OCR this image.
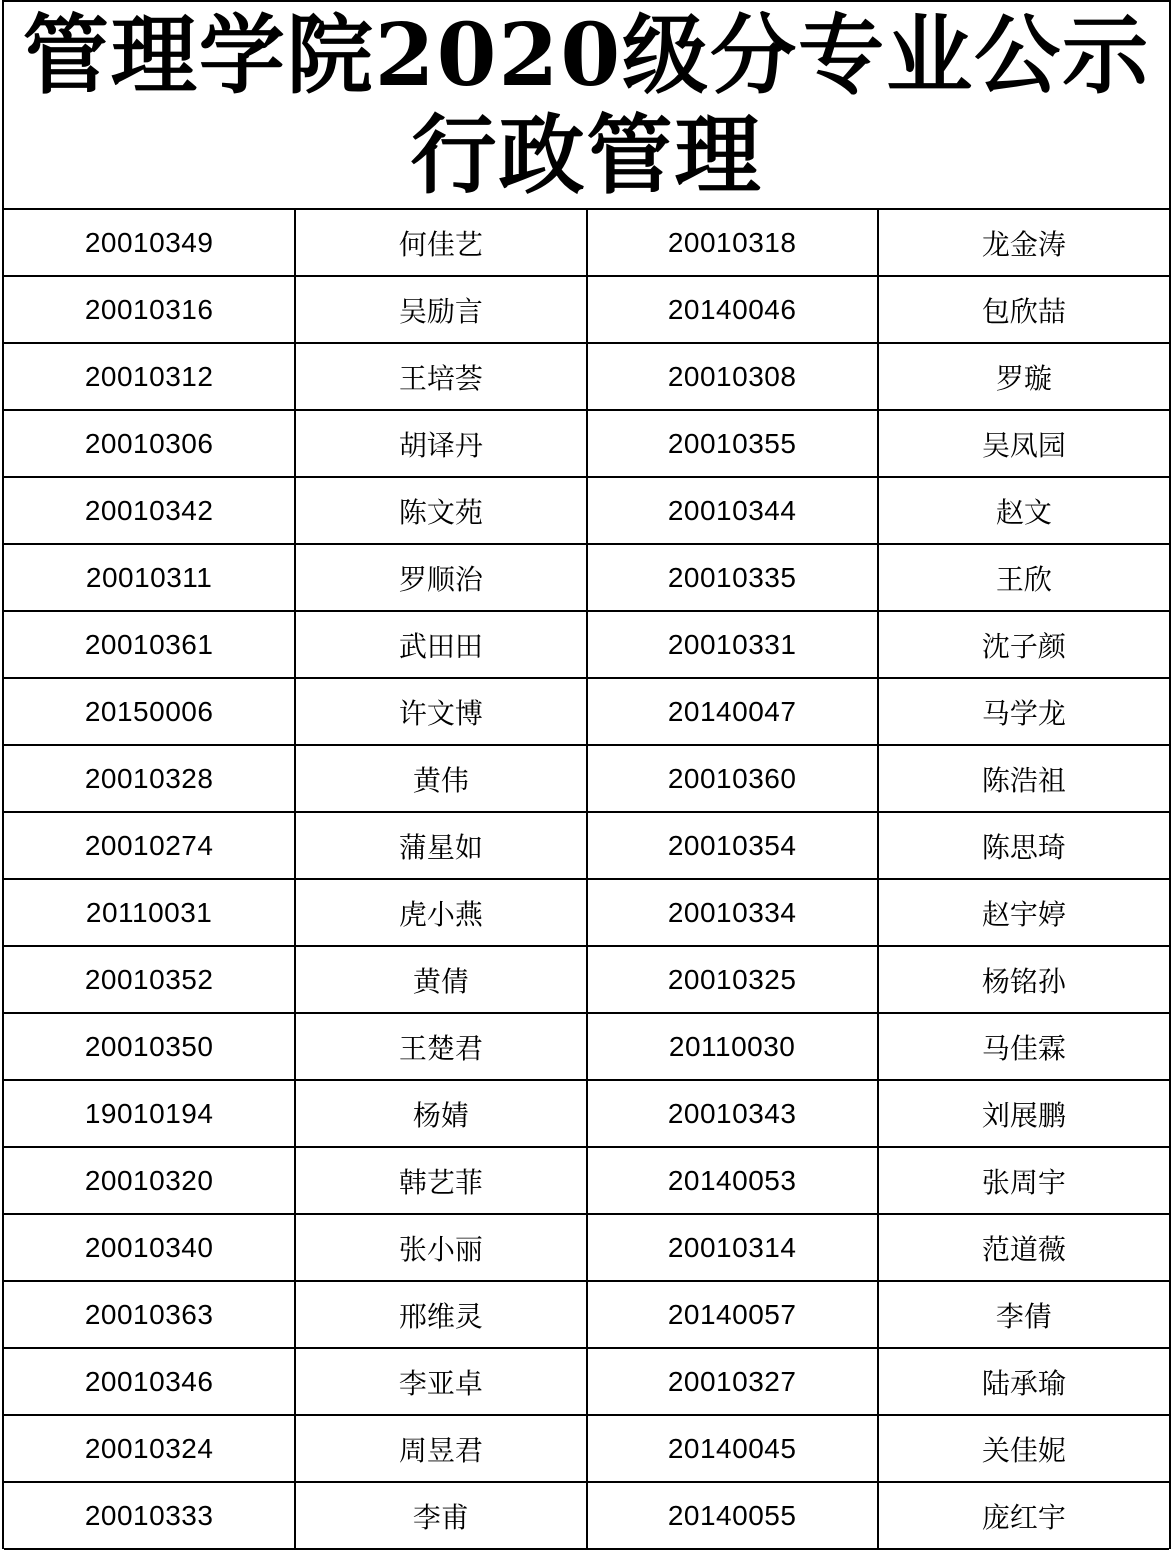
管理学院2020级分专业公示
行政管理
20010349	何佳艺	20010318	龙金涛
20010316	吴励言	20140046	包欣喆
20010312	王培荟	20010308	罗璇
20010306	胡译丹	20010355	吴凤园
20010342	陈文苑	20010344	赵文
20010311	罗顺治	20010335	王欣
20010361	武田田	20010331	沈子颜
20150006	许文博	20140047	马学龙
20010328	黄伟	20010360	陈浩祖
20010274	蒲星如	20010354	陈思琦
20110031	虎小燕	20010334	赵宇婷
20010352	黄倩	20010325	杨铭孙
20010350	王楚君	20110030	马佳霖
19010194	杨婧	20010343	刘展鹏
20010320	韩艺菲	20140053	张周宇
20010340	张小丽	20010314	范道薇
20010363	邢维灵	20140057	李倩
20010346	李亚卓	20010327	陆承瑜
20010324	周昱君	20140045	关佳妮
20010333	李甫	20140055	庞红宇
